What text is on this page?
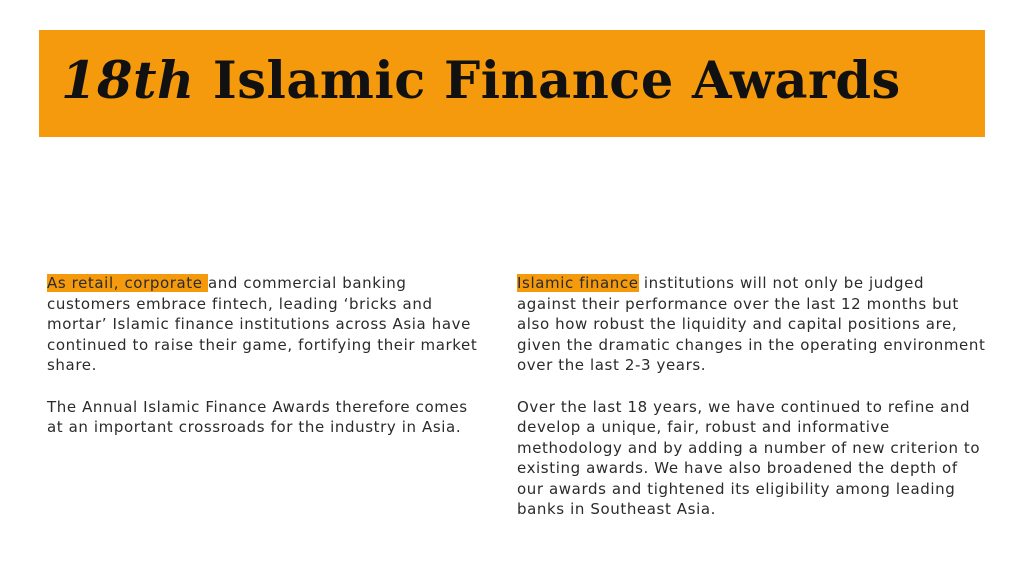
18th Islamic Finance Awards

As retail, corporate and commercial banking customers embrace fintech, leading ‘bricks and mortar’ Islamic finance institutions across Asia have continued to raise their game, fortifying their market share.

The Annual Islamic Finance Awards therefore comes at an important crossroads for the industry in Asia.

Islamic finance institutions will not only be judged against their performance over the last 12 months but also how robust the liquidity and capital positions are, given the dramatic changes in the operating environment over the last 2-3 years.

Over the last 18 years, we have continued to refine and develop a unique, fair, robust and informative methodology and by adding a number of new criterion to existing awards. We have also broadened the depth of our awards and tightened its eligibility among leading banks in Southeast Asia.
